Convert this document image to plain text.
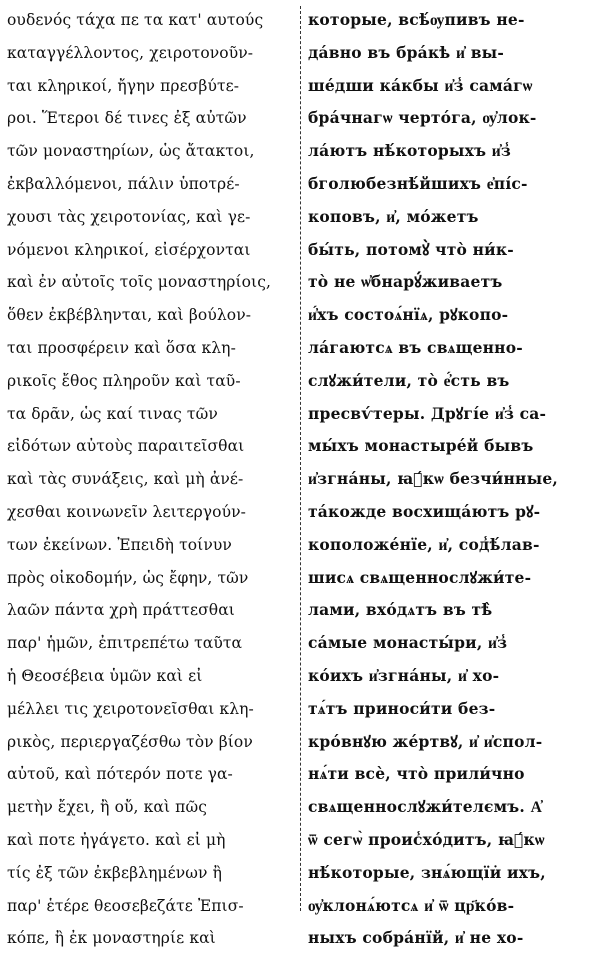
ουδενός τάχα πε τα κατ' αυτούς
καταγγέλλοντος, χειροτονοῦν-
ται κληρικοί, ἤγην πρεσβύτε-
ροι. Ἕτεροι δέ τινες ἐξ αὐτῶν
τῶν μοναστηρίων, ὡς ἄτακτοι,
ἐκβαλλόμενοι, πάλιν ὑποτρέ-
χουσι τὰς χειροτονίας, καὶ γε-
νόμενοι κληρικοί, εἰσέρχονται
καὶ ἐν αὐτοῖς τοῖς μοναστηρίοις,
ὅθεν ἐκβέβληνται, καὶ βούλον-
ται προσφέρειν καὶ ὅσα κλη-
ρικοῖς ἔθος πληροῦν καὶ ταῦ-
τα δρᾶν, ὡς καί τινας τῶν
εἰδότων αὐτοὺς παραιτεῖσθαι
καὶ τὰς συνάξεις, καὶ μὴ ἀνέ-
χεσθαι κοινωνεῖν λειτεργούν-
των ἐκείνων. Ἐπειδὴ τοίνυν
πρὸς οἰκοδομήν, ὡς ἔφην, τῶν
λαῶν πάντα χρὴ πράττεσθαι
παρ' ἡμῶν, ἐπιτρεπέτω ταῦτα
ἡ Θεοσέβεια ὑμῶν καὶ εἰ
μέλλει τις χειροτονεῖσθαι κλη-
ρικὸς, περιεργαζέσθω τὸν βίον
αὐτοῦ, καὶ πότερόν ποτε γα-
μετὴν ἔχει, ἢ οὔ, καὶ πῶς
καὶ ποτε ἠγάγετο. καὶ εἰ μὴ
τίς ἐξ τῶν ἐκβεβλημένων ἢ
παρ' ἑτέρε θεοσεβεζάτε Ἐπισ-
κόπε, ἢ ἐκ μοναστηρίε καὶ
которые, всѣ́ѹпивъ не-
да́вно въ бра́кѣ и҆ вы-
ше́дши ка́кбы и҆з̾ сама́гѡ
бра́чнагѡ черто́га, ѹ҆лок-
ла́ютъ нѣ́которыхъ и҆з̾
бголюбезнѣ́йшихъ е҆пі́с-
коповъ, и҆, мо́жетъ
бы́ть, потомꙋ̀ что̀ ни́к-
то̀ не ѡ҆бнарꙋ́живаетъ
и҆́хъ состоѧ́нїѧ, рꙋкопо-
ла́гаютсѧ въ свѧщенно-
слꙋжи́тели, то̀ е҆́сть въ
пресвѵ́теры. Дрꙋгі́е и҆з̾ са-
мы́хъ монастыре́й бывъ
и҆згна́ны, ꙗ҆́кѡ безчи́нные,
та́кожде восхища́ютъ рꙋ-
коположе́нїе, и҆, сод̾ѣ́лав-
шисѧ свѧщеннослꙋжи́те-
лами, вхо́дѧтъ въ тѣ̀
са́мые монасты́ри, и҆з̾
ко́ихъ и҆згна́ны, и҆ хо-
тѧ́тъ приноси́ти без-
кро́внꙋю же́ртвꙋ, и҆ и҆спол-
нѧ́ти всѐ, что̀ прили́чно
свѧщеннослꙋжи́телємъ. А҆
ѿ сегѡ̀ проис̾хо́дитъ, ꙗ҆́кѡ
нѣ́которые, знѧ́ющїи̇ ихъ,
ѹ҆клонѧ́ютсѧ и҆ ѿ цр҃ко́в-
ныхъ собра́нїй, и҆ не хо-
